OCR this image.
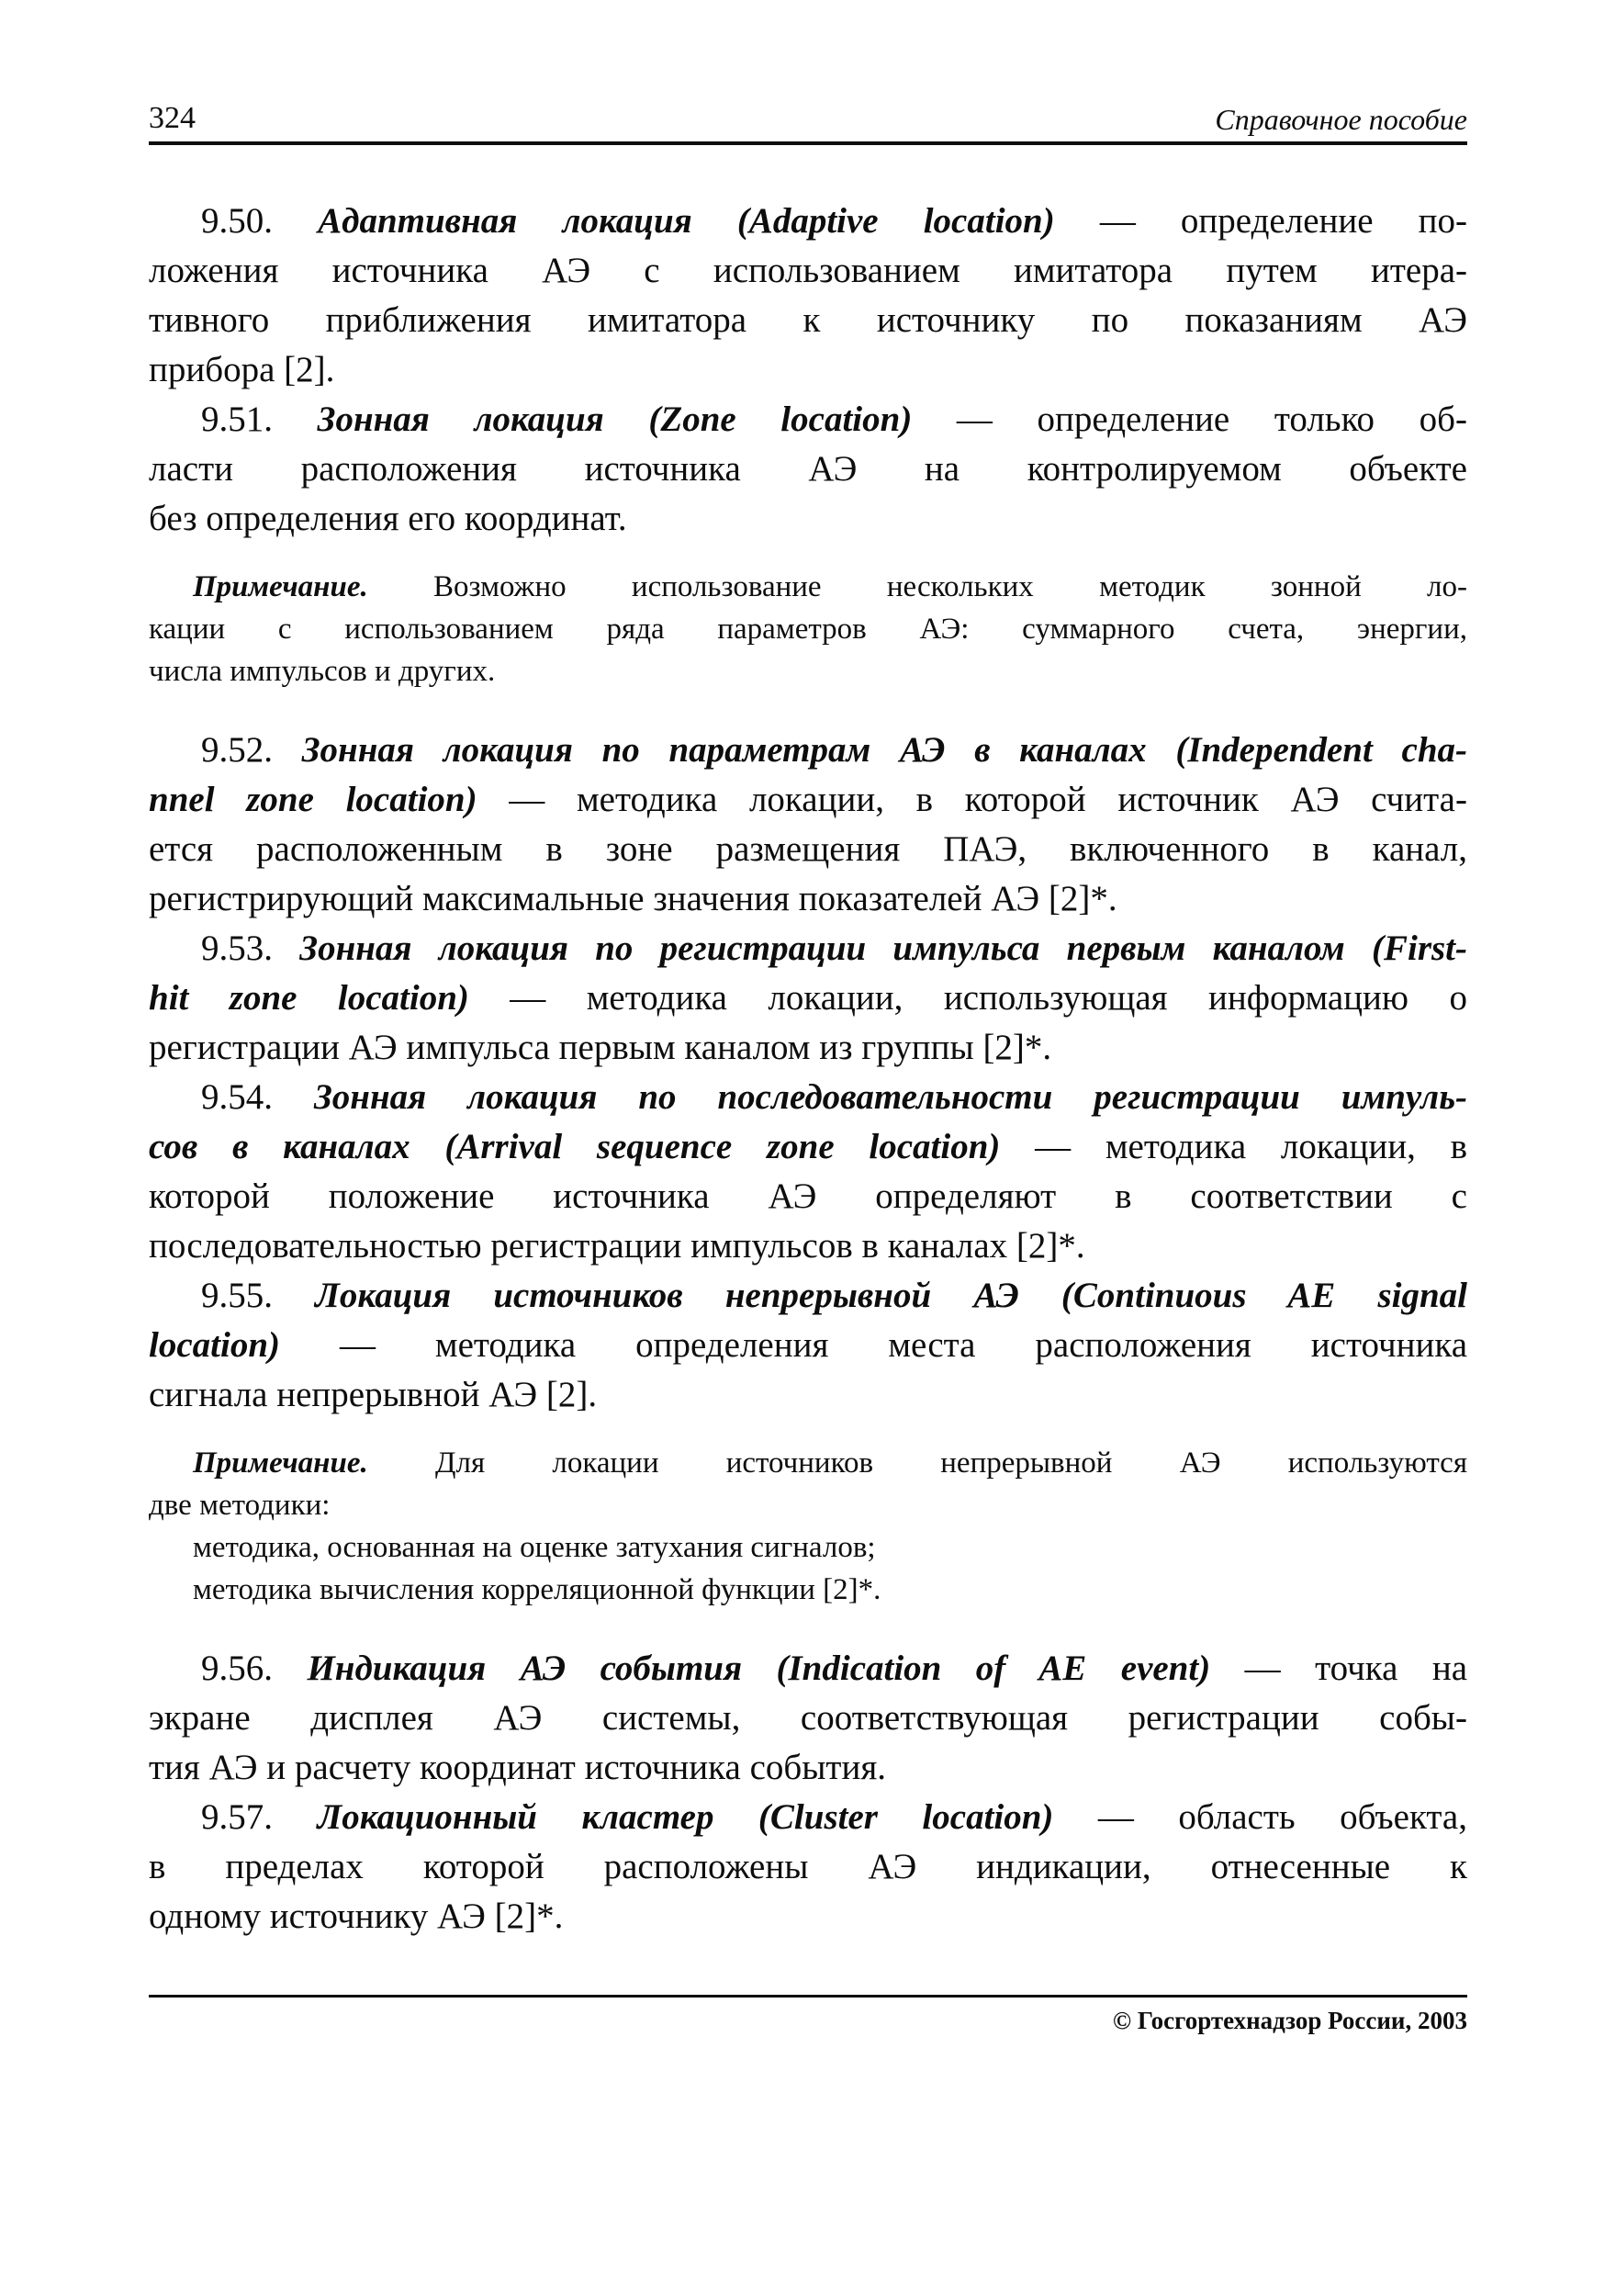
324	Справочное пособие
9.50. Адаптивная локация (Adaptive location) — определение по-
ложения источника АЭ с использованием имитатора путем итера-
тивного приближения имитатора к источнику по показаниям АЭ
прибора [2].
9.51. Зонная локация (Zone location) — определение только об-
ласти расположения источника АЭ на контролируемом объекте
без определения его координат.
Примечание. Возможно использование нескольких методик зонной ло-
кации с использованием ряда параметров АЭ: суммарного счета, энергии,
числа импульсов и других.
9.52. Зонная локация по параметрам АЭ в каналах (Independent cha-
nnel zone location) — методика локации, в которой источник АЭ счита-
ется расположенным в зоне размещения ПАЭ, включенного в канал,
регистрирующий максимальные значения показателей АЭ [2]*.
9.53. Зонная локация по регистрации импульса первым каналом (First-
hit zone location) — методика локации, использующая информацию о
регистрации АЭ импульса первым каналом из группы [2]*.
9.54. Зонная локация по последовательности регистрации импуль-
сов в каналах (Arrival sequence zone location) — методика локации, в
которой положение источника АЭ определяют в соответствии с
последовательностью регистрации импульсов в каналах [2]*.
9.55. Локация источников непрерывной АЭ (Continuous AE signal
location) — методика определения места расположения источника
сигнала непрерывной АЭ [2].
Примечание. Для локации источников непрерывной АЭ используются
две методики:
методика, основанная на оценке затухания сигналов;
методика вычисления корреляционной функции [2]*.
9.56. Индикация АЭ события (Indication of AE event) — точка на
экране дисплея АЭ системы, соответствующая регистрации собы-
тия АЭ и расчету координат источника события.
9.57. Локационный кластер (Cluster location) — область объекта,
в пределах которой расположены АЭ индикации, отнесенные к
одному источнику АЭ [2]*.
© Госгортехнадзор России, 2003
